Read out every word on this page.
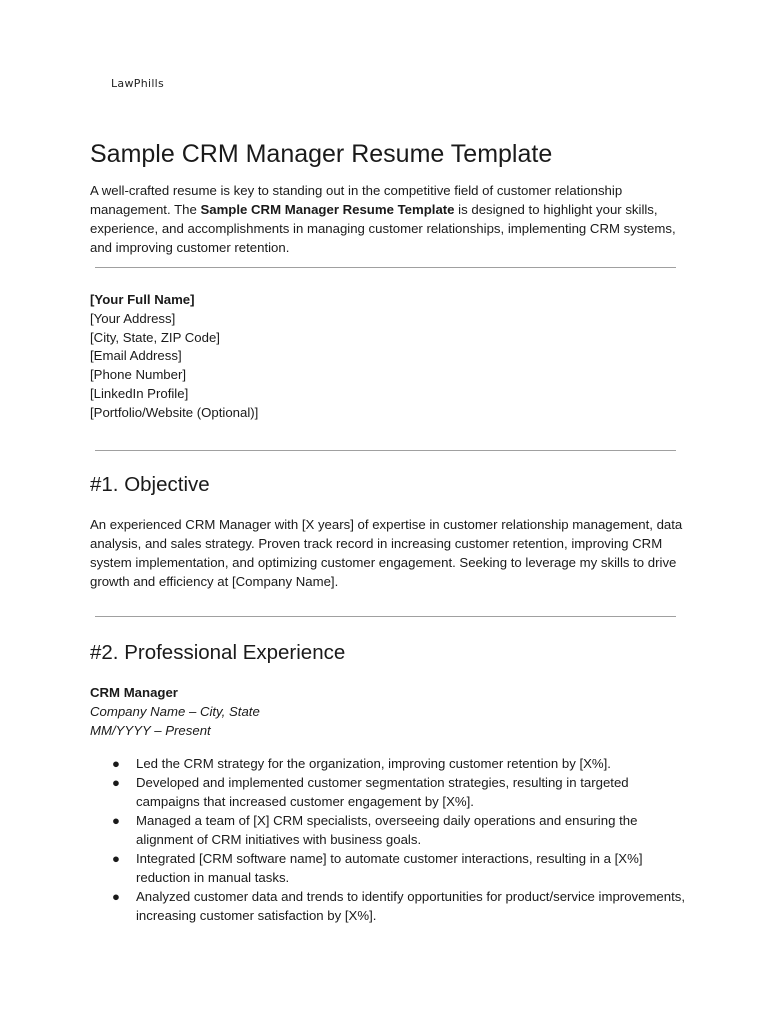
LawPhills
Sample CRM Manager Resume Template

A well-crafted resume is key to standing out in the competitive field of customer relationship management. The Sample CRM Manager Resume Template is designed to highlight your skills, experience, and accomplishments in managing customer relationships, implementing CRM systems, and improving customer retention.

[Your Full Name]
[Your Address]
[City, State, ZIP Code]
[Email Address]
[Phone Number]
[LinkedIn Profile]
[Portfolio/Website (Optional)]
#1. Objective

An experienced CRM Manager with [X years] of expertise in customer relationship management, data analysis, and sales strategy. Proven track record in increasing customer retention, improving CRM system implementation, and optimizing customer engagement. Seeking to leverage my skills to drive growth and efficiency at [Company Name].

#2. Professional Experience
CRM Manager
Company Name – City, State
MM/YYYY – Present
● Led the CRM strategy for the organization, improving customer retention by [X%].
● Developed and implemented customer segmentation strategies, resulting in targeted campaigns that increased customer engagement by [X%].
● Managed a team of [X] CRM specialists, overseeing daily operations and ensuring the alignment of CRM initiatives with business goals.
● Integrated [CRM software name] to automate customer interactions, resulting in a [X%] reduction in manual tasks.
● Analyzed customer data and trends to identify opportunities for product/service improvements, increasing customer satisfaction by [X%].
